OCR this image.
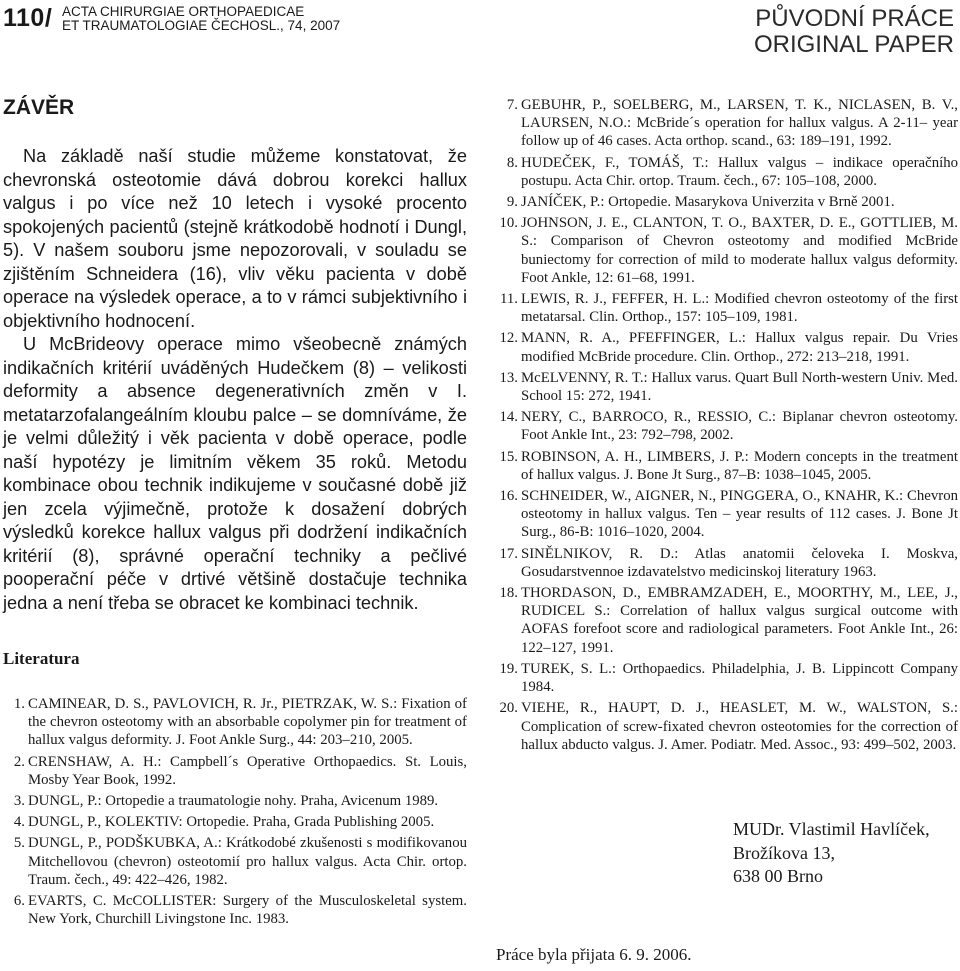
110/ ACTA CHIRURGIAE ORTHOPAEDICAE
ET TRAUMATOLOGIAE ČECHOSL., 74, 2007	PŮVODNÍ PRÁCE
ORIGINAL PAPER
ZÁVĚR

Na základě naší studie můžeme konstatovat, že chevronská osteotomie dává dobrou korekci hallux valgus i po více než 10 letech i vysoké procento spokojených pacientů (stejně krátkodobě hodnotí i Dungl, 5). V našem souboru jsme nepozorovali, v souladu se zjištěním Schneidera (16), vliv věku pacienta v době operace na výsledek operace, a to v rámci subjektivního i objektivního hodnocení.

U McBrideovy operace mimo všeobecně známých indikačních kritérií uváděných Hudečkem (8) – velikosti deformity a absence degenerativních změn v I. metatarzofalangeálním kloubu palce – se domníváme, že je velmi důležitý i věk pacienta v době operace, podle naší hypotézy je limitním věkem 35 roků. Metodu kombinace obou technik indikujeme v současné době již jen zcela výjimečně, protože k dosažení dobrých výsledků korekce hallux valgus při dodržení indikačních kritérií (8), správné operační techniky a pečlivé pooperační péče v drtivé většině dostačuje technika jedna a není třeba se obracet ke kombinaci technik.

Literatura
1. CAMINEAR, D. S., PAVLOVICH, R. Jr., PIETRZAK, W. S.: Fixation of the chevron osteotomy with an absorbable copolymer pin for treatment of hallux valgus deformity. J. Foot Ankle Surg., 44: 203–210, 2005.
2. CRENSHAW, A. H.: Campbell´s Operative Orthopaedics. St. Louis, Mosby Year Book, 1992.
3. DUNGL, P.: Ortopedie a traumatologie nohy. Praha, Avicenum 1989.
4. DUNGL, P., KOLEKTIV: Ortopedie. Praha, Grada Publishing 2005.
5. DUNGL, P., PODŠKUBKA, A.: Krátkodobé zkušenosti s modifikovanou Mitchellovou (chevron) osteotomií pro hallux valgus. Acta Chir. ortop. Traum. čech., 49: 422–426, 1982.
6. EVARTS, C. McCOLLISTER: Surgery of the Musculoskeletal system. New York, Churchill Livingstone Inc. 1983.
7. GEBUHR, P., SOELBERG, M., LARSEN, T. K., NICLASEN, B. V., LAURSEN, N.O.: McBride´s operation for hallux valgus. A 2-11– year follow up of 46 cases. Acta orthop. scand., 63: 189–191, 1992.
8. HUDEČEK, F., TOMÁŠ, T.: Hallux valgus – indikace operačního postupu. Acta Chir. ortop. Traum. čech., 67: 105–108, 2000.
9. JANÍČEK, P.: Ortopedie. Masarykova Univerzita v Brně 2001.
10. JOHNSON, J. E., CLANTON, T. O., BAXTER, D. E., GOTTLIEB, M. S.: Comparison of Chevron osteotomy and modified McBride buniectomy for correction of mild to moderate hallux valgus deformity. Foot Ankle, 12: 61–68, 1991.
11. LEWIS, R. J., FEFFER, H. L.: Modified chevron osteotomy of the first metatarsal. Clin. Orthop., 157: 105–109, 1981.
12. MANN, R. A., PFEFFINGER, L.: Hallux valgus repair. Du Vries modified McBride procedure. Clin. Orthop., 272: 213–218, 1991.
13. McELVENNY, R. T.: Hallux varus. Quart Bull North-western Univ. Med. School 15: 272, 1941.
14. NERY, C., BARROCO, R., RESSIO, C.: Biplanar chevron osteotomy. Foot Ankle Int., 23: 792–798, 2002.
15. ROBINSON, A. H., LIMBERS, J. P.: Modern concepts in the treatment of hallux valgus. J. Bone Jt Surg., 87–B: 1038–1045, 2005.
16. SCHNEIDER, W., AIGNER, N., PINGGERA, O., KNAHR, K.: Chevron osteotomy in hallux valgus. Ten – year results of 112 cases. J. Bone Jt Surg., 86-B: 1016–1020, 2004.
17. SINĚLNIKOV, R. D.: Atlas anatomii čeloveka I. Moskva, Gosudarstvennoe izdavatelstvo medicinskoj literatury 1963.
18. THORDASON, D., EMBRAMZADEH, E., MOORTHY, M., LEE, J., RUDICEL S.: Correlation of hallux valgus surgical outcome with AOFAS forefoot score and radiological parameters. Foot Ankle Int., 26: 122–127, 1991.
19. TUREK, S. L.: Orthopaedics. Philadelphia, J. B. Lippincott Company 1984.
20. VIEHE, R., HAUPT, D. J., HEASLET, M. W., WALSTON, S.: Complication of screw-fixated chevron osteotomies for the correction of hallux abducto valgus. J. Amer. Podiatr. Med. Assoc., 93: 499–502, 2003.
MUDr. Vlastimil Havlíček,
Brožíkova 13,
638 00 Brno
Práce byla přijata 6. 9. 2006.
